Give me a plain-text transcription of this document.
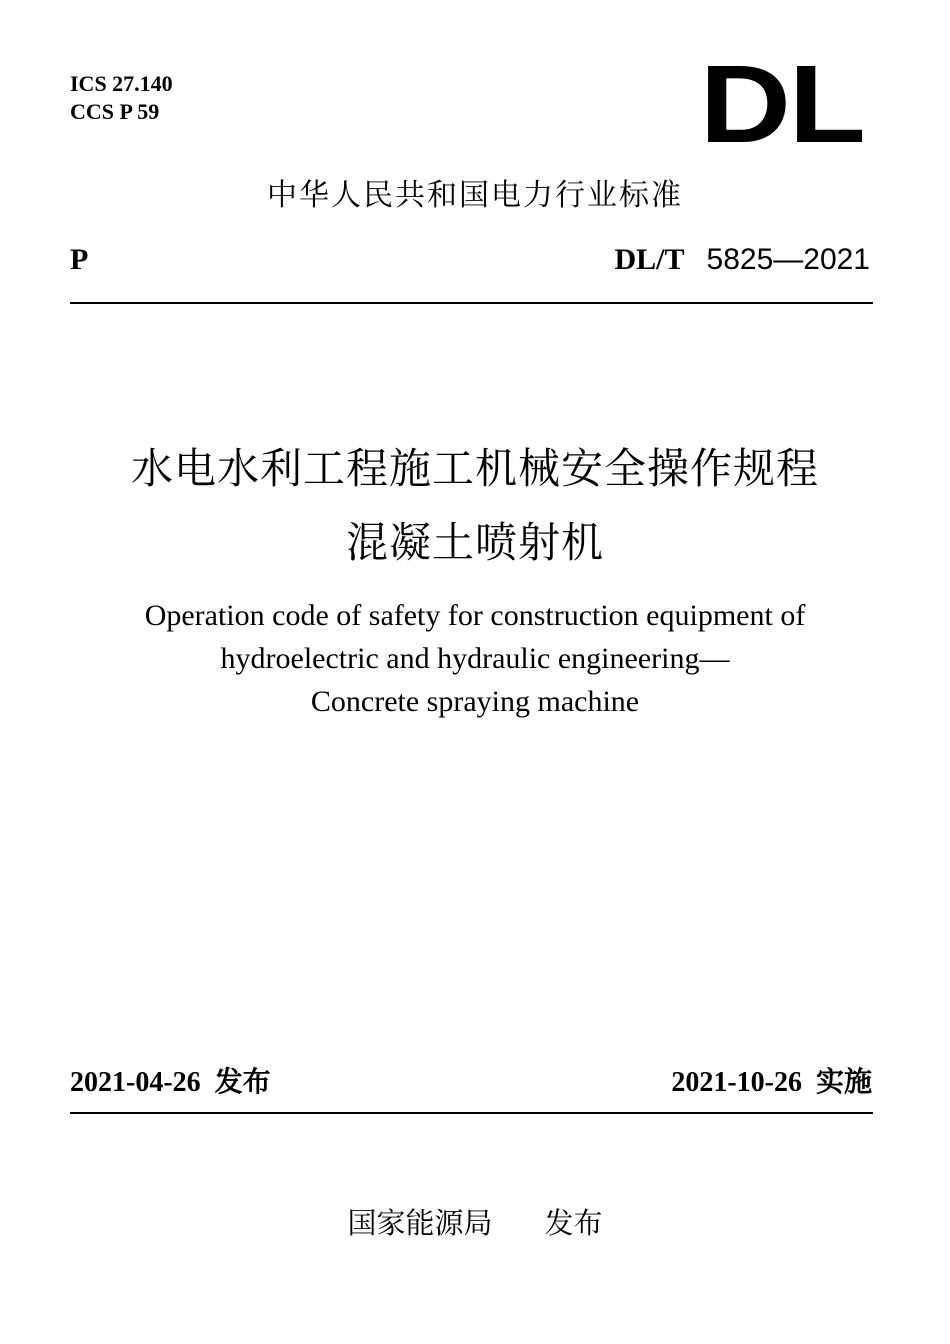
ICS 27.140
CCS P 59	DL
中华人民共和国电力行业标准
P	DL/T 5825—2021
水电水利工程施工机械安全操作规程
混凝土喷射机
Operation code of safety for construction equipment of
hydroelectric and hydraulic engineering—
Concrete spraying machine
2021-04-26 发布	2021-10-26 实施
国家能源局 发布
